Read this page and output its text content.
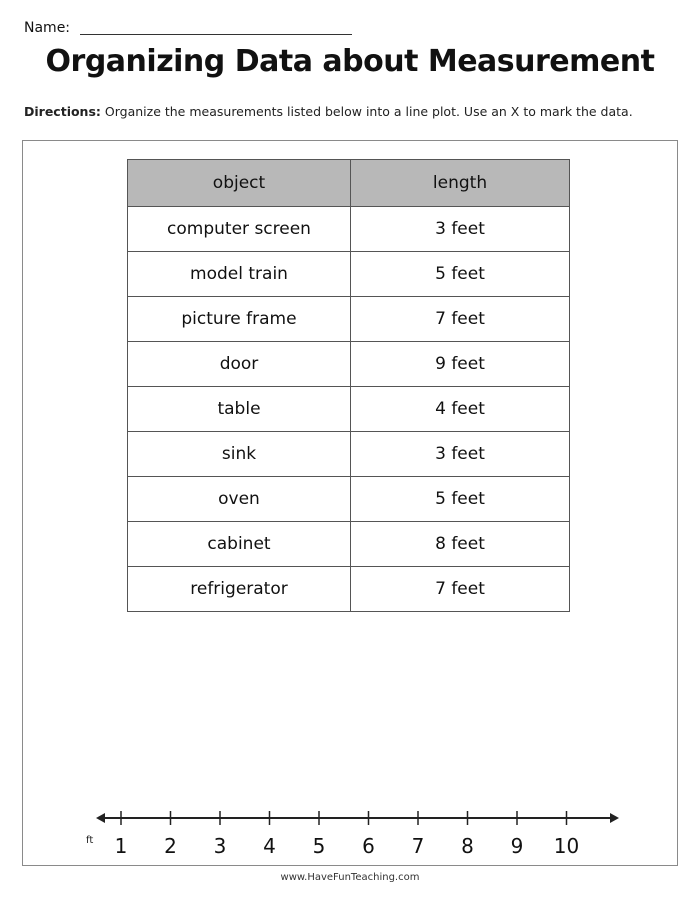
Name:
Organizing Data about Measurement
Directions: Organize the measurements listed below into a line plot. Use an X to mark the data.
object	length
computer screen	3 feet
model train	5 feet
picture frame	7 feet
door	9 feet
table	4 feet
sink	3 feet
oven	5 feet
cabinet	8 feet
refrigerator	7 feet
ft 1 2 3 4 5 6 7 8 9 10
www.HaveFunTeaching.com
